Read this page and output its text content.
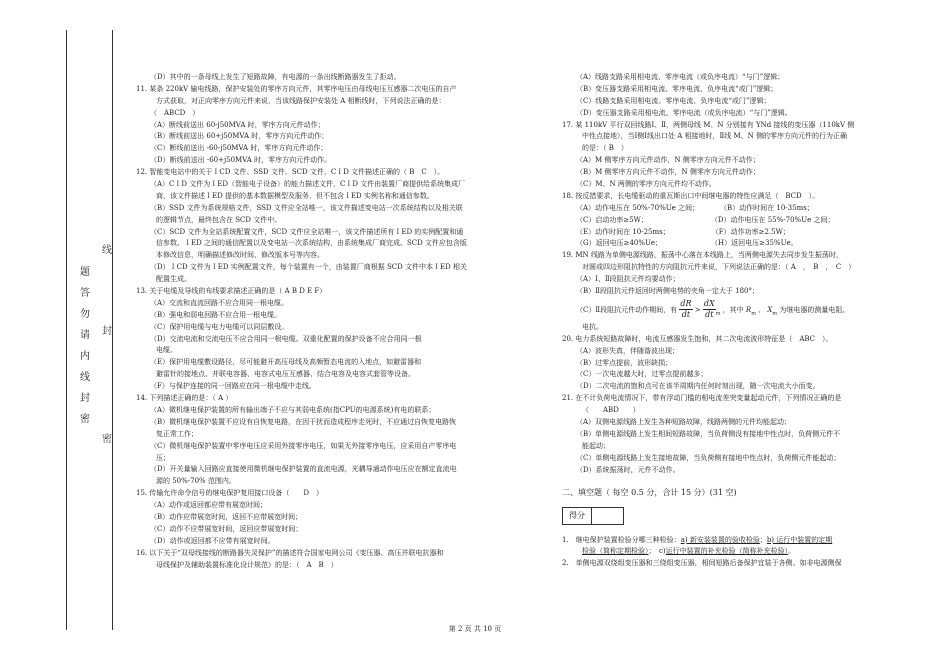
线
封
密
题
答
勿
请
内
线
封
密
（D）其中的一条母线上发生了短路故障，有电源的一条出线断路器发生了拒动。
11. 某条 220kV 输电线路，保护安装处的零序方向元件，其零序电压由母线电压互感器二次电压的自产
方式获取，对正向零序方向元件来说，当该线路保护安装处 A 相断线时，下列说法正确的是：
（　ABCD　）
（A）断线前送出 60-j50MVA 时，零序方向元件动作；
（B）断线前送出 60+j50MVA 时，零序方向元件动作；
（C）断线前送出 -60-j50MVA 时，零序方向元件动作；
（D）断线前送出 -60+j50MVA 时，零序方向元件动作。
12. 智能变电站中的关于ＩCD 文件、SSD 文件、SCD 文件、CＩD 文件描述正确的（ B　C　）。
（A）CＩD 文件为ＩED（智能电子设备）的能力描述文件，CＩD 文件由装置厂商提供给系统集成厂
商，该文件描述ＩED 提供的基本数据模型及服务，但不包含ＩED 实例名称和通信参数。
（B）SSD 文件为系统规格文件，SSD 文件应全站唯一，该文件描述变电站一次系统结构以及相关联
的逻辑节点，最终包含在 SCD 文件中。
（C）SCD 文件为全站系统配置文件，SCD 文件应全站唯一，该文件描述所有ＩED 的实例配置和通
信参数、ＩED 之间的通信配置以及变电站一次系统结构，由系统集成厂商完成。SCD 文件应包含版
本修改信息，明确描述修改时间、修改版本号等内容。
（D）ＩCD 文件为ＩED 实例配置文件，每个装置有一个，由装置厂商根据 SCD 文件中本ＩED 相关
配置生成。
13. 关于电缆及导线的布线要求描述正确的是（ A B D E F）
（A）交流和直流回路不应合用同一根电缆。
（B）强电和弱电回路不应合用一根电缆。
（C）保护用电缆与电力电缆可以同层敷设。
（D）交流电流和交流电压不应合用同一根电缆。双重化配置的保护设备不应合用同一根
电缆。
（E）保护用电缆敷设路径，尽可能避开高压母线及高频暂态电流的入地点，如避雷器和
避雷针的接地点、并联电容器、电容式电压互感器、结合电容及电容式套管等设备。
（F）与保护连接的同一回路应在同一根电缆中走线。
14. 下列描述正确的是：（ A ）
（A）微机继电保护装置的所有输出端子不应与其弱电系统(指CPU的电源系统)有电的联系；
（B）微机继电保护装置不应设有自恢复电路，在因干扰而造成程序走死时，不应通过自恢复电路恢
复正常工作；
（C）微机继电保护装置中零序电压应采用外接零序电压，如果无外接零序电压，应采用自产零序电
压；
（D）开关量输入回路应直接使用微机继电保护装置的直流电源，光耦导通动作电压应在额定直流电
源的 50%-70% 范围内。
15. 传输允许命令信号的继电保护复用接口设备（　　D　）
（A）动作或返回都应带有展宽时间；
（B）动作应带展宽时间，返回不应带展宽时间；
（C）动作不应带展宽时间，返回应带展宽时间；
（D）动作或返回都不应带有展宽时间。
16. 以下关于“双母线接线的断路器失灵保护”的描述符合国家电网公司《变压器、高压并联电抗器和
母线保护及辅助装置标准化设计规范》的是：（　A　B　）
（A）线路支路采用相电流、零序电流（或负序电流）“与门”逻辑；
（B）变压器支路采用相电流、零序电流、负序电流“或门”逻辑；
（C）线路支路采用相电流、零序电流、负序电流“或门”逻辑；
（D）变压器支路采用相电流、零序电流（或负序电流）“与门”逻辑。
17. 某 110kV 平行双回线路Ⅰ、Ⅱ，两侧母线 M、N 分别接有 YNd 接线的变压器（110kV 侧
中性点接地），当Ⅰ侧Ⅰ线出口处 A 相接地时，Ⅱ线 M、N 侧的零序方向元件的行为正确
的是：（ B　）
（A）M 侧零序方向元件动作，N 侧零序方向元件不动作；
（B）M 侧零序方向元件不动作，N 侧零序方向元件动作；
（C）M、N 两侧的零序方向元件均不动作。
18. 按反措要求，长电缆驱动的重瓦斯出口中间继电器的特性应满足（　BCD　）。
（A）动作电压在 50%-70%Ue 之间；　　　　（B）动作时间在 10-35ms；
（C）启动功率≥5W；　　　　　　　　　　（D）动作电压在 55%-70%Ue 之间；
（E）动作时间在 10-25ms；　　　　　　　（F）动作功率≥2.5W；
（G）返回电压≥40%Ue；　　　　　　　　（H）返回电压≥35%Ue。
19. MN 线路为单侧电源线路，振荡中心落在本线路上，当两侧电源失去同步发生振荡时，
对圆或四边形阻抗特性的方向阻抗元件来说，下列说法正确的是：（ A　，　B　，　C　）
（A）Ⅰ、Ⅱ段阻抗元件均要动作；
（B）Ⅱ段阻抗元件返回时两侧电势的夹角一定大于 180°；
（C）Ⅱ段阻抗元件动作期间，有 $\frac{dR}{dt} > \frac{dX}{dt} _m$ ，其中 $R_m$ 、 $X_m$ 为继电器的测量电阻、
电抗。
20. 电力系统短路故障时，电流互感器发生饱和，其二次电流波形特征是（　ABC　）。
（A）波形失真，伴随谐波出现；
（B）过零点提前，波形缺损；
（C）一次电流越大时，过零点提前越多；
（D）二次电流的饱和点可在该半周期内任何时刻出现，随一次电流大小而变。
21. 在不计负荷电流情况下，带有浮动门槛的相电流差突变量起动元件，下列情况正确的是
（　　ABD　　）
（A）双侧电源线路上发生各种短路故障，线路两侧的元件均能起动；
（B）单侧电源线路上发生相间短路故障，当负荷侧没有接地中性点时，负荷侧元件不
能起动；
（C）单侧电源线路上发生接地故障，当负荷侧有接地中性点时，负荷侧元件能起动；
（D）系统振荡时，元件不动作。
二、填空题（ 每空 0.5 分，合计 15 分）(31 空)
得分
1.　继电保护装置检验分哪三种检验：a) 新安装装置的验收检验；b) 运行中装置的定期
检验（简称定期检验）；　c)运行中装置的补充检验（简称补充检验）。
2.　单侧电源双绕组变压器和三绕组变压器，相间短路后备保护宜装于各侧。如非电源侧保
第 2 页 共 10 页
